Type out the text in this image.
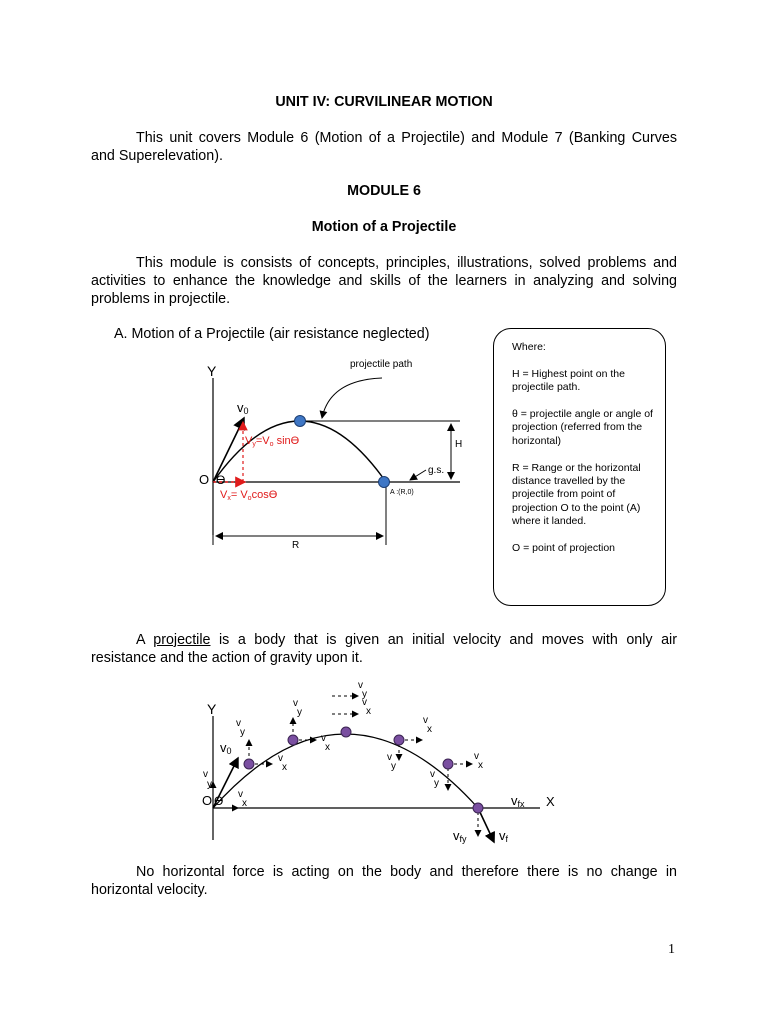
UNIT IV: CURVILINEAR MOTION
This unit covers Module 6 (Motion of a Projectile) and Module 7 (Banking Curves
and Superelevation).
MODULE 6
Motion of a Projectile
This module is consists of concepts, principles, illustrations, solved problems and
activities to enhance the knowledge and skills of the learners in analyzing and solving
problems in projectile.
A. Motion of a Projectile (air resistance neglected)

Where:

H = Highest point on the projectile path.

θ = projectile angle or angle of projection (referred from the horizontal)

R = Range or the horizontal distance travelled by the projectile from point of projection O to the point (A) where it landed.

O = point of projection

Y	projectile path
v0
Vy=Vo sinϴ
Vx= Vocosϴ
O ϴ
H
g.s.
A :(R,0)
R
A projectile is a body that is given an initial velocity and moves with only air
resistance and the action of gravity upon it.
Y
X
O ϴ
v0
vx
vy
vy
vx
vy
vx
vy
vx
vx
vy
vx
vy
vfx
vfy vf
No horizontal force is acting on the body and therefore there is no change in
horizontal velocity.
1
